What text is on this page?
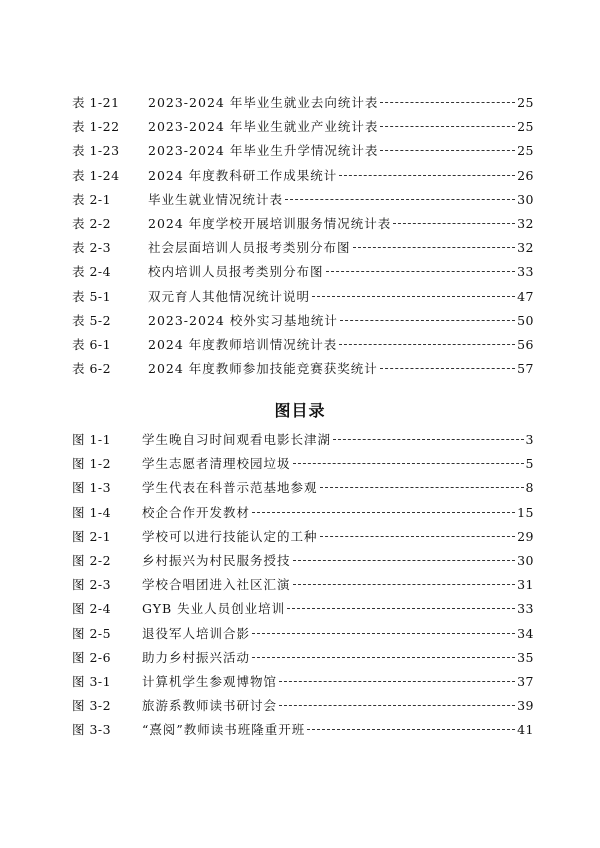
表 1-21	2023-2024 年毕业生就业去向统计表	25
表 1-22	2023-2024 年毕业生就业产业统计表	25
表 1-23	2023-2024 年毕业生升学情况统计表	25
表 1-24	2024 年度教科研工作成果统计	26
表 2-1	毕业生就业情况统计表	30
表 2-2	2024 年度学校开展培训服务情况统计表	32
表 2-3	社会层面培训人员报考类别分布图	32
表 2-4	校内培训人员报考类别分布图	33
表 5-1	双元育人其他情况统计说明	47
表 5-2	2023-2024 校外实习基地统计	50
表 6-1	2024 年度教师培训情况统计表	56
表 6-2	2024 年度教师参加技能竞赛获奖统计	57
图目录
图 1-1	学生晚自习时间观看电影长津湖	3
图 1-2	学生志愿者清理校园垃圾	5
图 1-3	学生代表在科普示范基地参观	8
图 1-4	校企合作开发教材	15
图 2-1	学校可以进行技能认定的工种	29
图 2-2	乡村振兴为村民服务授技	30
图 2-3	学校合唱团进入社区汇演	31
图 2-4	GYB 失业人员创业培训	33
图 2-5	退役军人培训合影	34
图 2-6	助力乡村振兴活动	35
图 3-1	计算机学生参观博物馆	37
图 3-2	旅游系教师读书研讨会	39
图 3-3	“熹阅”教师读书班隆重开班	41
